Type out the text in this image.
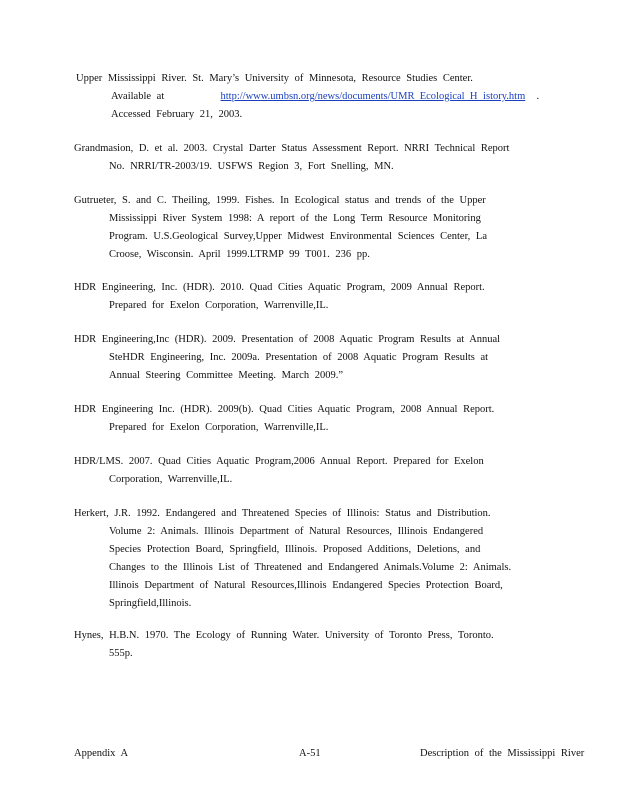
Upper Mississippi River. St. Mary’s University of Minnesota, Resource Studies Center.
Available at	http://www.umbsn.org/news/documents/UMR_Ecological_H istory.htm .
Accessed February 21, 2003.
Grandmasion, D. et al. 2003. Crystal Darter Status Assessment Report. NRRI Technical Report
No. NRRI/TR-2003/19. USFWS Region 3, Fort Snelling, MN.
Gutrueter, S. and C. Theiling, 1999. Fishes. In Ecological status and trends of the Upper
Mississippi River System 1998: A report of the Long Term Resource Monitoring
Program. U.S.Geological Survey,Upper Midwest Environmental Sciences Center, La
Croose, Wisconsin. April 1999.LTRMP 99 T001. 236 pp.
HDR Engineering, Inc. (HDR). 2010. Quad Cities Aquatic Program, 2009 Annual Report.
Prepared for Exelon Corporation, Warrenville,IL.
HDR Engineering,Inc (HDR). 2009. Presentation of 2008 Aquatic Program Results at Annual
SteHDR Engineering, Inc. 2009a. Presentation of 2008 Aquatic Program Results at
Annual Steering Committee Meeting. March 2009.”
HDR Engineering Inc. (HDR). 2009(b). Quad Cities Aquatic Program, 2008 Annual Report.
Prepared for Exelon Corporation, Warrenville,IL.
HDR/LMS. 2007. Quad Cities Aquatic Program,2006 Annual Report. Prepared for Exelon
Corporation, Warrenville,IL.
Herkert, J.R. 1992. Endangered and Threatened Species of Illinois: Status and Distribution.
Volume 2: Animals. Illinois Department of Natural Resources, Illinois Endangered
Species Protection Board, Springfield, Illinois. Proposed Additions, Deletions, and
Changes to the Illinois List of Threatened and Endangered Animals.Volume 2: Animals.
Illinois Department of Natural Resources,Illinois Endangered Species Protection Board,
Springfield,Illinois.
Hynes, H.B.N. 1970. The Ecology of Running Water. University of Toronto Press, Toronto.
555p.
Appendix A	A-51	Description of the Mississippi River
